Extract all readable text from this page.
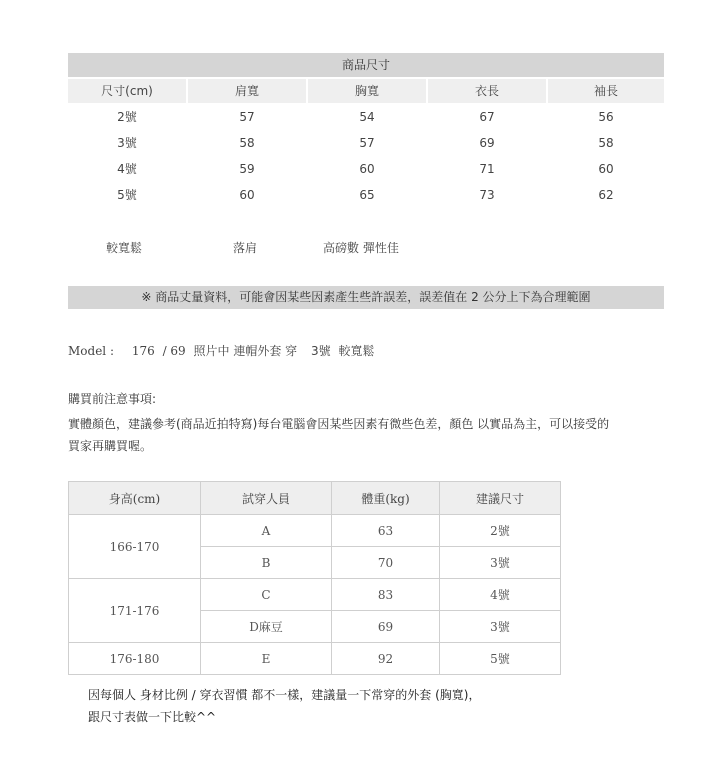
商品尺寸
尺寸(cm)	肩寬	胸寬	衣長	袖長
2號	57	54	67	56
3號	58	57	69	58
4號	59	60	71	60
5號	60	65	73	62
較寬鬆	落肩	高磅數 彈性佳
※ 商品丈量資料，可能會因某些因素產生些許誤差，誤差值在 2 公分上下為合理範圍
Model : 176 / 69 照片中 連帽外套 穿 3號 較寬鬆
購買前注意事項:
實體顏色，建議參考(商品近拍特寫)每台電腦會因某些因素有微些色差，顏色 以實品為主，可以接受的
買家再購買喔。
身高(cm)	試穿人員	體重(kg)	建議尺寸
166-170	A	63	2號
	B	70	3號
171-176	C	83	4號
	D麻豆	69	3號
176-180	E	92	5號
因每個人 身材比例 / 穿衣習慣 都不一樣，建議量一下常穿的外套 (胸寬)，
跟尺寸表做一下比較^^
